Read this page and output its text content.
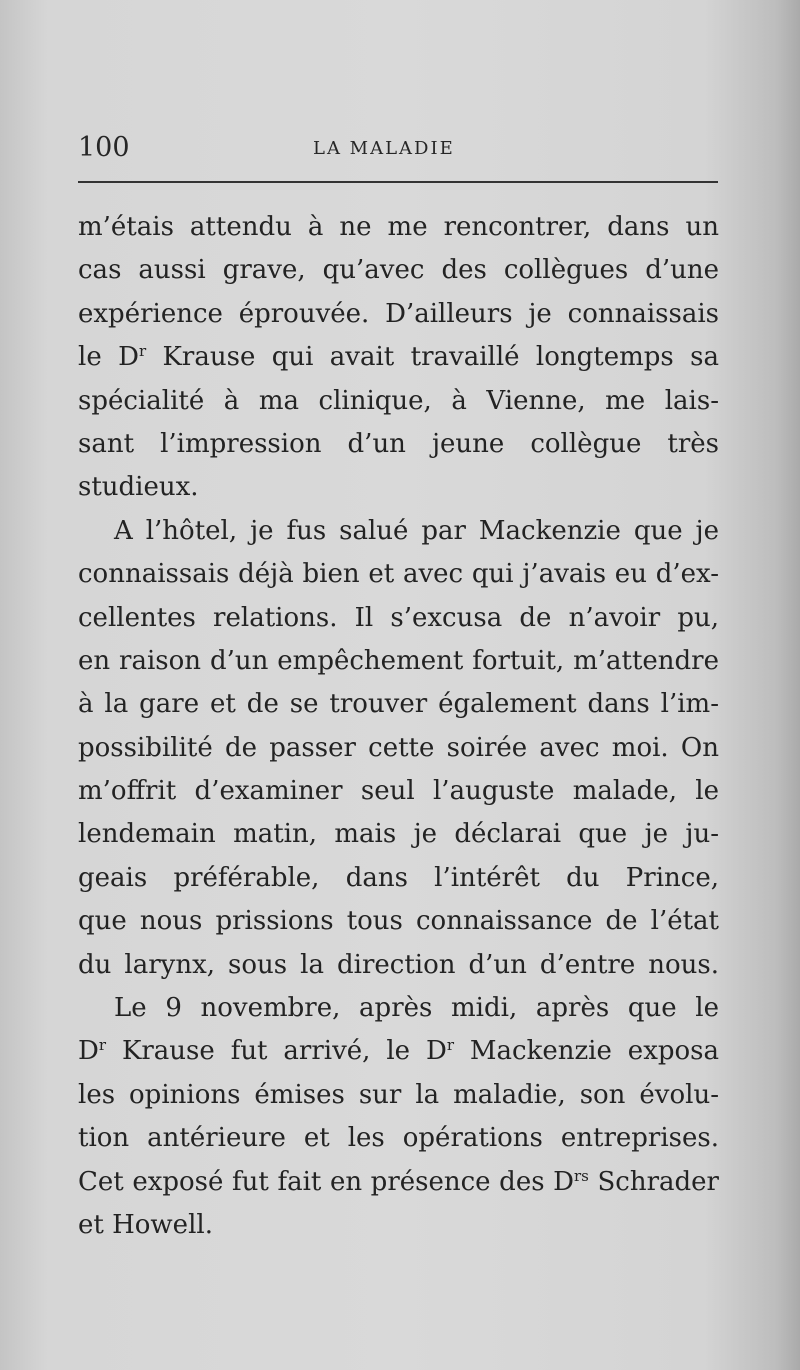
100	LA MALADIE
m’étais attendu à ne me rencontrer, dans un
cas aussi grave, qu’avec des collègues d’une
expérience éprouvée. D’ailleurs je connaissais
le $D^r$ Krause qui avait travaillé longtemps sa
spécialité à ma clinique, à Vienne, me lais-
sant l’impression d’un jeune collègue très
studieux.
A l’hôtel, je fus salué par Mackenzie que je
connaissais déjà bien et avec qui j’avais eu d’ex-
cellentes relations. Il s’excusa de n’avoir pu,
en raison d’un empêchement fortuit, m’attendre
à la gare et de se trouver également dans l’im-
possibilité de passer cette soirée avec moi. On
m’offrit d’examiner seul l’auguste malade, le
lendemain matin, mais je déclarai que je ju-
geais préférable, dans l’intérêt du Prince,
que nous prissions tous connaissance de l’état
du larynx, sous la direction d’un d’entre nous.
Le 9 novembre, après midi, après que le
$D^r$ Krause fut arrivé, le $D^r$ Mackenzie exposa
les opinions émises sur la maladie, son évolu-
tion antérieure et les opérations entreprises.
Cet exposé fut fait en présence des $D^{rs}$ Schrader
et Howell.
